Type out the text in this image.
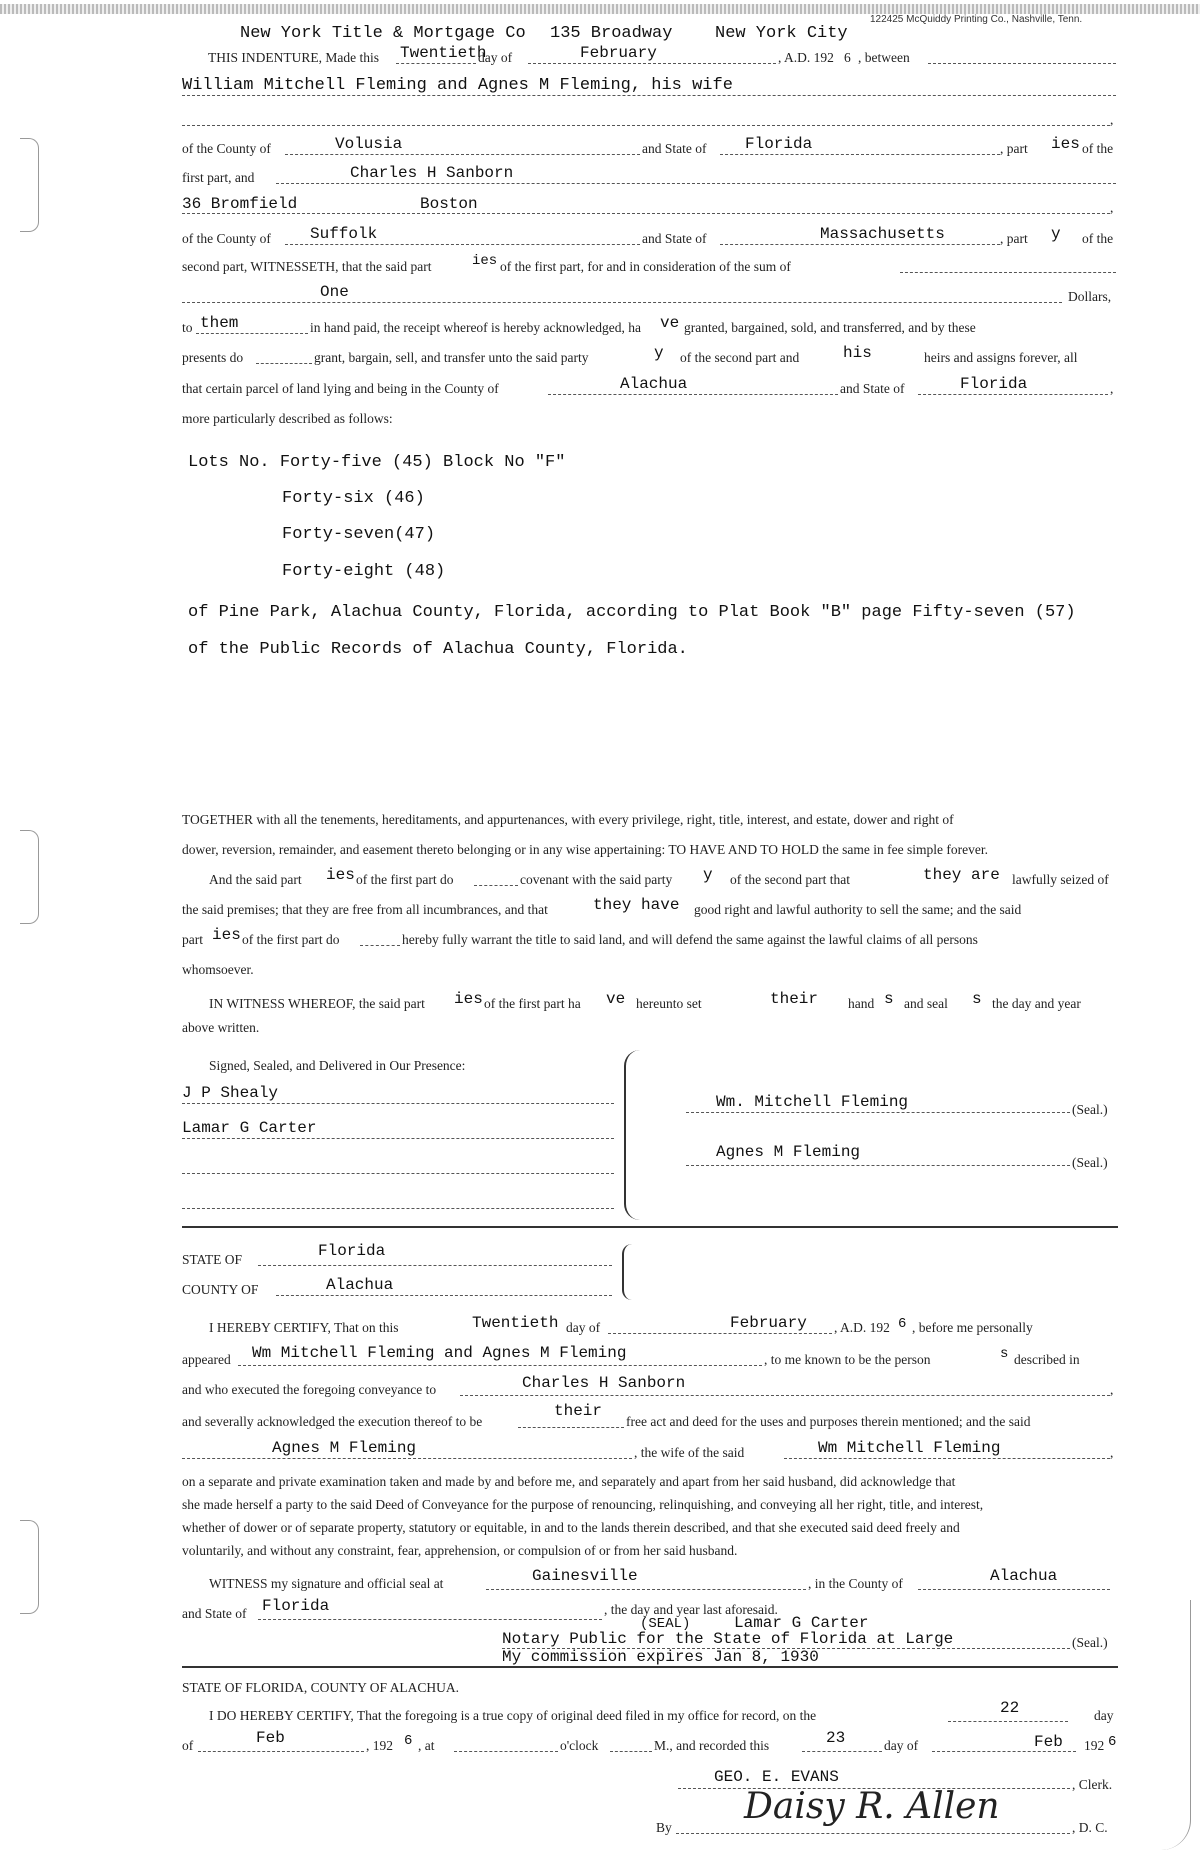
122425 McQuiddy Printing Co., Nashville, Tenn.
New York Title & Mortgage Co 135 Broadway	New York City
THIS INDENTURE, Made this Twentieth
day of	February	, A.D. 192 6 , between
William Mitchell Fleming and Agnes M Fleming, his wife
,
of the County of	Volusia	and State of Florida	, part ies of the
first part, and	Charles H Sanborn
36 Bromfield	Boston	,
of the County of Suffolk	and State of	Massachusetts	, part y of the
second part, WITNESSETH, that the said part	ies of the first part, for and in consideration of the sum of
One	Dollars,
to them	in hand paid, the receipt whereof is hereby acknowledged, ha ve granted, bargained, sold, and transferred, and by these
presents do	grant, bargain, sell, and transfer unto the said party	y of the second part and	his	heirs and assigns forever, all
that certain parcel of land lying and being in the County of	Alachua	and State of	Florida	,
more particularly described as follows:
Lots No. Forty-five (45) Block No "F"
Forty-six (46)
Forty-seven(47)
Forty-eight (48)
of Pine Park, Alachua County, Florida, according to Plat Book "B" page Fifty-seven (57)
of the Public Records of Alachua County, Florida.
TOGETHER with all the tenements, hereditaments, and appurtenances, with every privilege, right, title, interest, and estate, dower and right of
dower, reversion, remainder, and easement thereto belonging or in any wise appertaining: TO HAVE AND TO HOLD the same in fee simple forever.
And the said part ies of the first part do	covenant with the said party y of the second part that	they are lawfully seized of
the said premises; that they are free from all incumbrances, and that	they have good right and lawful authority to sell the same; and the said
part ies of the first part do	hereby fully warrant the title to said land, and will defend the same against the lawful claims of all persons
whomsoever.
IN WITNESS WHEREOF, the said part ies of the first part ha ve hereunto set	their hand s and seal s the day and year
above written.
Signed, Sealed, and Delivered in Our Presence:
J P Shealy
Lamar G Carter
Wm. Mitchell Fleming	(Seal.)
Agnes M Fleming
(Seal.)
STATE OF	Florida
COUNTY OF	Alachua
I HEREBY CERTIFY, That on this	Twentieth day of	February , A.D. 192 6 , before me personally
appeared Wm Mitchell Fleming and Agnes M Fleming	, to me known to be the person	s described in
and who executed the foregoing conveyance to	Charles H Sanborn	,
and severally acknowledged the execution thereof to be
their
free act and deed for the uses and purposes therein mentioned; and the said
Agnes M Fleming	, the wife of the said	Wm Mitchell Fleming	,
on a separate and private examination taken and made by and before me, and separately and apart from her said husband, did acknowledge that
she made herself a party to the said Deed of Conveyance for the purpose of renouncing, relinquishing, and conveying all her right, title, and interest,
whether of dower or of separate property, statutory or equitable, in and to the lands therein described, and that she executed said deed freely and
voluntarily, and without any constraint, fear, apprehension, or compulsion of or from her said husband.
WITNESS my signature and official seal at	Gainesville	, in the County of	Alachua
and State of Florida	, the day and year last aforesaid.
(SEAL)	Lamar G Carter
Notary Public for the State of Florida at Large	(Seal.)
My commission expires Jan 8, 1930
STATE OF FLORIDA, COUNTY OF ALACHUA.
I DO HEREBY CERTIFY, That the foregoing is a true copy of original deed filed in my office for record, on the	22	day
of	Feb	, 192 6 , at	o'clock	M., and recorded this	23	day of	Feb 192 6
GEO. E. EVANS	, Clerk.
By
Daisy R. Allen
, D. C.
